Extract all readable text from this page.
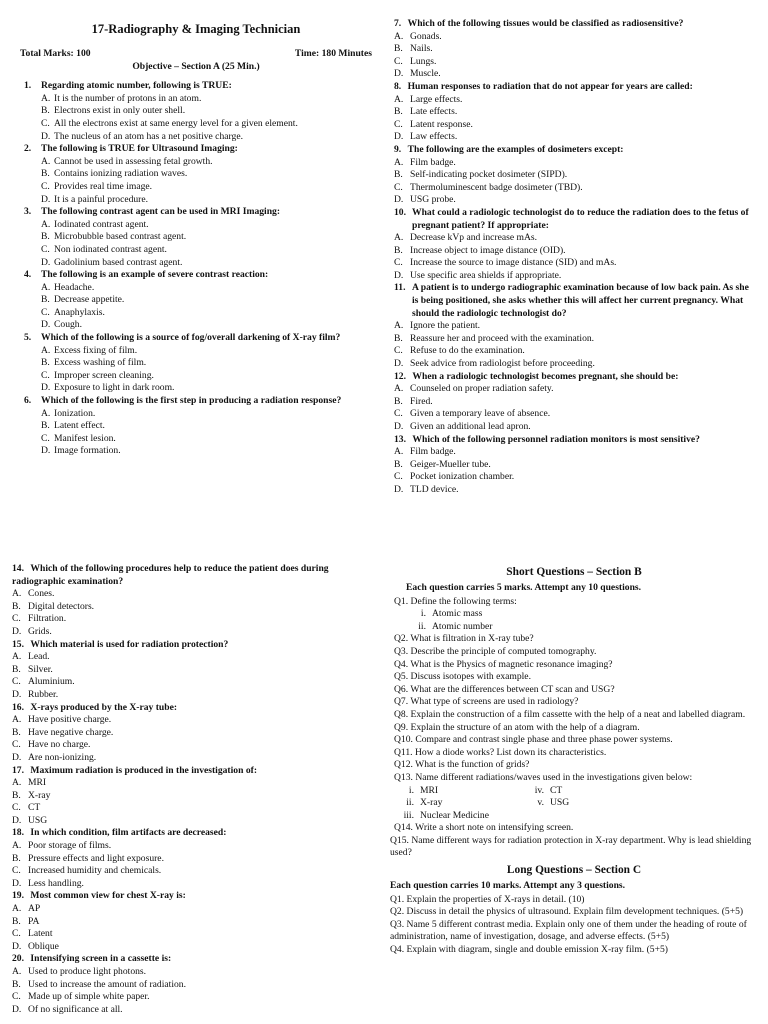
17-Radiography & Imaging Technician
Total Marks: 100	Time: 180 Minutes
Objective – Section A (25 Min.)
1.	Regarding atomic number, following is TRUE:
A. It is the number of protons in an atom.
B. Electrons exist in only outer shell.
C. All the electrons exist at same energy level for a given element.
D. The nucleus of an atom has a net positive charge.
2.	The following is TRUE for Ultrasound Imaging:
A. Cannot be used in assessing fetal growth.
B. Contains ionizing radiation waves.
C. Provides real time image.
D. It is a painful procedure.
3.	The following contrast agent can be used in MRI Imaging:
A. Iodinated contrast agent.
B. Microbubble based contrast agent.
C. Non iodinated contrast agent.
D. Gadolinium based contrast agent.
4.	The following is an example of severe contrast reaction:
A. Headache.
B. Decrease appetite.
C. Anaphylaxis.
D. Cough.
5.	Which of the following is a source of fog/overall darkening of X-ray film?
A. Excess fixing of film.
B. Excess washing of film.
C. Improper screen cleaning.
D. Exposure to light in dark room.
6.	Which of the following is the first step in producing a radiation response?
A. Ionization.
B. Latent effect.
C. Manifest lesion.
D. Image formation.
7. Which of the following tissues would be classified as radiosensitive?
A. Gonads.
B. Nails.
C. Lungs.
D. Muscle.
8. Human responses to radiation that do not appear for years are called:
A. Large effects.
B. Late effects.
C. Latent response.
D. Law effects.
9. The following are the examples of dosimeters except:
A. Film badge.
B. Self-indicating pocket dosimeter (SIPD).
C. Thermoluminescent badge dosimeter (TBD).
D. USG probe.
10. What could a radiologic technologist do to reduce the radiation does to the fetus of pregnant patient? If appropriate:
A. Decrease kVp and increase mAs.
B. Increase object to image distance (OID).
C. Increase the source to image distance (SID) and mAs.
D. Use specific area shields if appropriate.
11. A patient is to undergo radiographic examination because of low back pain. As she is being positioned, she asks whether this will affect her current pregnancy. What should the radiologic technologist do?
A. Ignore the patient.
B. Reassure her and proceed with the examination.
C. Refuse to do the examination.
D. Seek advice from radiologist before proceeding.
12. When a radiologic technologist becomes pregnant, she should be:
A. Counseled on proper radiation safety.
B. Fired.
C. Given a temporary leave of absence.
D. Given an additional lead apron.
13. Which of the following personnel radiation monitors is most sensitive?
A. Film badge.
B. Geiger-Mueller tube.
C. Pocket ionization chamber.
D. TLD device.
14. Which of the following procedures help to reduce the patient does during radiographic examination?
A. Cones.
B. Digital detectors.
C. Filtration.
D. Grids.
15. Which material is used for radiation protection?
A. Lead.
B. Silver.
C. Aluminium.
D. Rubber.
16. X-rays produced by the X-ray tube:
A. Have positive charge.
B. Have negative charge.
C. Have no charge.
D. Are non-ionizing.
17. Maximum radiation is produced in the investigation of:
A. MRI
B. X-ray
C. CT
D. USG
18. In which condition, film artifacts are decreased:
A. Poor storage of films.
B. Pressure effects and light exposure.
C. Increased humidity and chemicals.
D. Less handling.
19. Most common view for chest X-ray is:
A. AP
B. PA
C. Latent
D. Oblique
20. Intensifying screen in a cassette is:
A. Used to produce light photons.
B. Used to increase the amount of radiation.
C. Made up of simple white paper.
D. Of no significance at all.
Short Questions – Section B
Each question carries 5 marks. Attempt any 10 questions.
Q1. Define the following terms:
i. Atomic mass
ii. Atomic number
Q2. What is filtration in X-ray tube?
Q3. Describe the principle of computed tomography.
Q4. What is the Physics of magnetic resonance imaging?
Q5. Discuss isotopes with example.
Q6. What are the differences between CT scan and USG?
Q7. What type of screens are used in radiology?
Q8. Explain the construction of a film cassette with the help of a neat and labelled diagram.
Q9. Explain the structure of an atom with the help of a diagram.
Q10. Compare and contrast single phase and three phase power systems.
Q11. How a diode works? List down its characteristics.
Q12. What is the function of grids?
Q13. Name different radiations/waves used in the investigations given below:
i. MRI	iv. CT
ii. X-ray	v. USG
iii. Nuclear Medicine
Q14. Write a short note on intensifying screen.
Q15. Name different ways for radiation protection in X-ray department. Why is lead shielding used?
Long Questions – Section C
Each question carries 10 marks. Attempt any 3 questions.
Q1. Explain the properties of X-rays in detail. (10)
Q2. Discuss in detail the physics of ultrasound. Explain film development techniques. (5+5)
Q3. Name 5 different contrast media. Explain only one of them under the heading of route of administration, name of investigation, dosage, and adverse effects. (5+5)
Q4. Explain with diagram, single and double emission X-ray film. (5+5)
